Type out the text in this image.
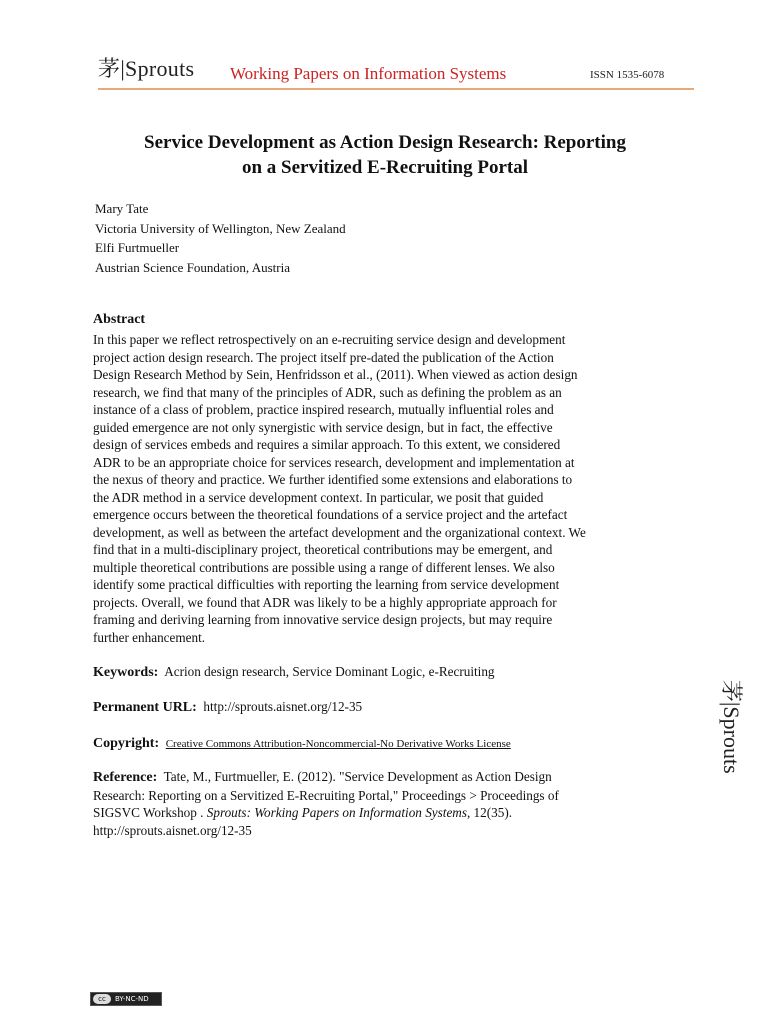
茅|Sprouts Working Papers on Information Systems	ISSN 1535-6078
Service Development as Action Design Research: Reporting
on a Servitized E-Recruiting Portal
Mary Tate
Victoria University of Wellington, New Zealand
Elfi Furtmueller
Austrian Science Foundation, Austria
Abstract
In this paper we reflect retrospectively on an e-recruiting service design and development
project action design research. The project itself pre-dated the publication of the Action
Design Research Method by Sein, Henfridsson et al., (2011). When viewed as action design
research, we find that many of the principles of ADR, such as defining the problem as an
instance of a class of problem, practice inspired research, mutually influential roles and
guided emergence are not only synergistic with service design, but in fact, the effective
design of services embeds and requires a similar approach. To this extent, we considered
ADR to be an appropriate choice for services research, development and implementation at
the nexus of theory and practice. We further identified some extensions and elaborations to
the ADR method in a service development context. In particular, we posit that guided
emergence occurs between the theoretical foundations of a service project and the artefact
development, as well as between the artefact development and the organizational context. We
find that in a multi-disciplinary project, theoretical contributions may be emergent, and
multiple theoretical contributions are possible using a range of different lenses. We also
identify some practical difficulties with reporting the learning from service development
projects. Overall, we found that ADR was likely to be a highly appropriate approach for
framing and deriving learning from innovative service design projects, but may require
further enhancement.
Keywords: Acrion design research, Service Dominant Logic, e-Recruiting
Permanent URL: http://sprouts.aisnet.org/12-35
Copyright: Creative Commons Attribution-Noncommercial-No Derivative Works License
Reference: Tate, M., Furtmueller, E. (2012). "Service Development as Action Design
Research: Reporting on a Servitized E-Recruiting Portal," Proceedings > Proceedings of
SIGSVC Workshop . Sprouts: Working Papers on Information Systems, 12(35).
http://sprouts.aisnet.org/12-35
茅|Sprouts
cc	BY-NC-ND
